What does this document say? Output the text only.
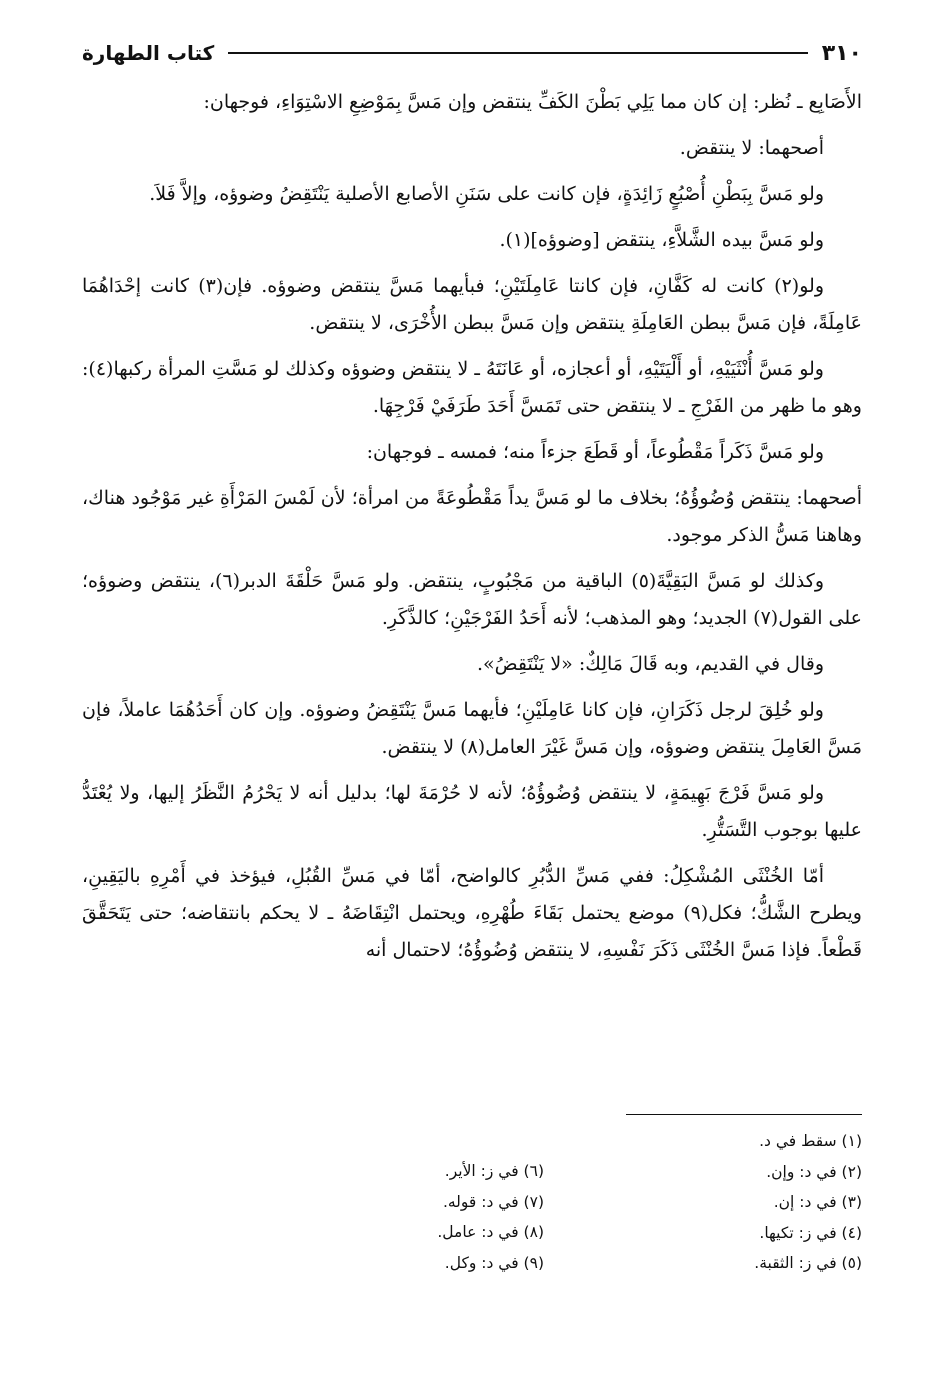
٣١٠
كتاب الطهارة

الأَصَابِع ـ نُظر: إن كان مما يَلِي بَطْنَ الكَفِّ ينتقض وإن مَسَّ بِمَوْضِعِ الاسْتِوَاءِ، فوجهان:

أصحهما: لا ينتقض.

ولو مَسَّ بِبَطْنِ أُصْبُعٍ زَائِدَةٍ، فإن كانت على سَنَنِ الأصابع الأصلية يَنْتَقِضُ وضوؤه، وإلاَّ فَلاَ.

ولو مَسَّ بيده الشَّلاَّءِ، ينتقض [وضوؤه](١).

ولو(٢) كانت له كَفَّانِ، فإن كانتا عَامِلَتَيْنِ؛ فبأيهما مَسَّ ينتقض وضوؤه. فإن(٣) كانت إحْدَاهُمَا عَامِلَةً، فإن مَسَّ ببطن العَامِلَةِ ينتقض وإن مَسَّ ببطن الأُخْرَى، لا ينتقض.

ولو مَسَّ أُنْثَيَيْهِ، أو أَلْيَتَيْهِ، أو أعجازه، أو عَانَتَهُ ـ لا ينتقض وضوؤه وكذلك لو مَسَّتِ المرأة ركبها(٤): وهو ما ظهر من الفَرْجِ ـ لا ينتقض حتى تَمَسَّ أَحَدَ طَرَفَيْ فَرْجِهَا.

ولو مَسَّ ذَكَراً مَقْطُوعاً، أو قَطَعَ جزءاً منه؛ فمسه ـ فوجهان:

أصحهما: ينتقض وُضُوؤُهُ؛ بخلاف ما لو مَسَّ يداً مَقْطُوعَةً من امرأة؛ لأن لَمْسَ المَرْأَةِ غير مَوْجُود هناك، وهاهنا مَسُّ الذكر موجود.

وكذلك لو مَسَّ البَقِيَّةَ(٥) الباقية من مَجْبُوبٍ، ينتقض. ولو مَسَّ حَلْقَةَ الدبر(٦)، ينتقض وضوؤه؛ على القول(٧) الجديد؛ وهو المذهب؛ لأنه أَحَدُ الفَرْجَيْنِ؛ كالذَّكَرِ.

وقال في القديم، وبه قَالَ مَالِكٌ: «لا يَنْتَقِضُ».

ولو خُلِقَ لرجل ذَكَرَانِ، فإن كانا عَامِلَيْنِ؛ فأيهما مَسَّ يَنْتَقِضُ وضوؤه. وإن كان أَحَدُهُمَا عاملاً، فإن مَسَّ العَامِلَ ينتقض وضوؤه، وإن مَسَّ غَيْرَ العامل(٨) لا ينتقض.

ولو مَسَّ فَرْجَ بَهِيمَةٍ، لا ينتقض وُضُوؤُهُ؛ لأنه لا حُرْمَةَ لها؛ بدليل أنه لا يَحْرُمُ النَّظَرُ إليها، ولا يُعْتَدُّ عليها بوجوب التَّسَتُّرِ.

أمّا الخُنْثَى المُشْكِلُ: ففي مَسِّ الدُّبُرِ كالواضح، أمّا في مَسِّ القُبُلِ، فيؤخذ في أَمْرِهِ باليَقِينِ، ويطرح الشَّكُّ؛ فكل(٩) موضع يحتمل بَقَاءَ طُهْرِهِ، ويحتمل انْتِقَاضَهُ ـ لا يحكم بانتقاضه؛ حتى يَتَحَقَّقَ قَطْعاً. فإذا مَسَّ الخُنْثَى ذَكَرَ نَفْسِهِ، لا ينتقض وُضُوؤُهُ؛ لاحتمال أنه

(١) سقط في د.
(٢) في د: وإن.
(٣) في د: إن.
(٤) في ز: تكيها.
(٥) في ز: الثقبة.
(٦) في ز: الأير.
(٧) في د: قوله.
(٨) في د: عامل.
(٩) في د: وكل.
